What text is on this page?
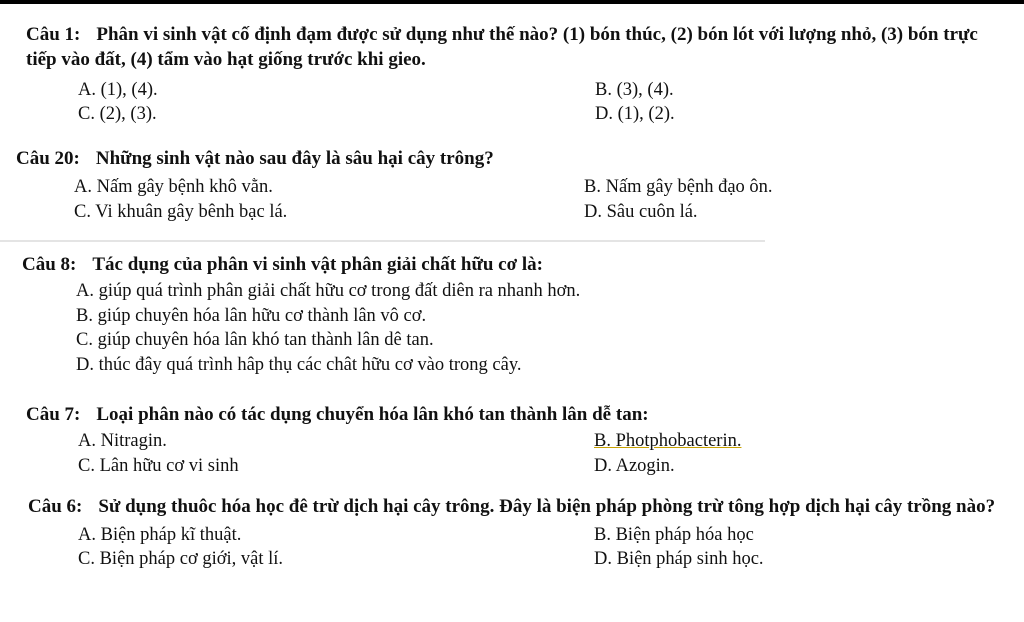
Câu 1: Phân vi sinh vật cố định đạm được sử dụng như thế nào? (1) bón thúc, (2) bón lót với lượng nhỏ, (3) bón trực tiếp vào đất, (4) tẩm vào hạt giống trước khi gieo.

A. (1), (4).	B. (3), (4).
C. (2), (3).	D. (1), (2).

Câu 20: Những sinh vật nào sau đây là sâu hại cây trông?

A. Nấm gây bệnh khô vằn.	B. Nấm gây bệnh đạo ôn.
C. Vi khuân gây bênh bạc lá.	D. Sâu cuôn lá.

Câu 8: Tác dụng của phân vi sinh vật phân giải chất hữu cơ là:

A. giúp quá trình phân giải chất hữu cơ trong đất diên ra nhanh hơn.
B. giúp chuyên hóa lân hữu cơ thành lân vô cơ.
C. giúp chuyên hóa lân khó tan thành lân dê tan.
D. thúc đây quá trình hâp thụ các chât hữu cơ vào trong cây.

Câu 7: Loại phân nào có tác dụng chuyển hóa lân khó tan thành lân dễ tan:

A. Nitragin.	B. Photphobacterin.
C. Lân hữu cơ vi sinh	D. Azogin.

Câu 6: Sử dụng thuôc hóa học đê trừ dịch hại cây trông. Đây là biện pháp phòng trừ tông hợp dịch hại cây trồng nào?

A. Biện pháp kĩ thuật.	B. Biện pháp hóa học
C. Biện pháp cơ giới, vật lí.	D. Biện pháp sinh học.
